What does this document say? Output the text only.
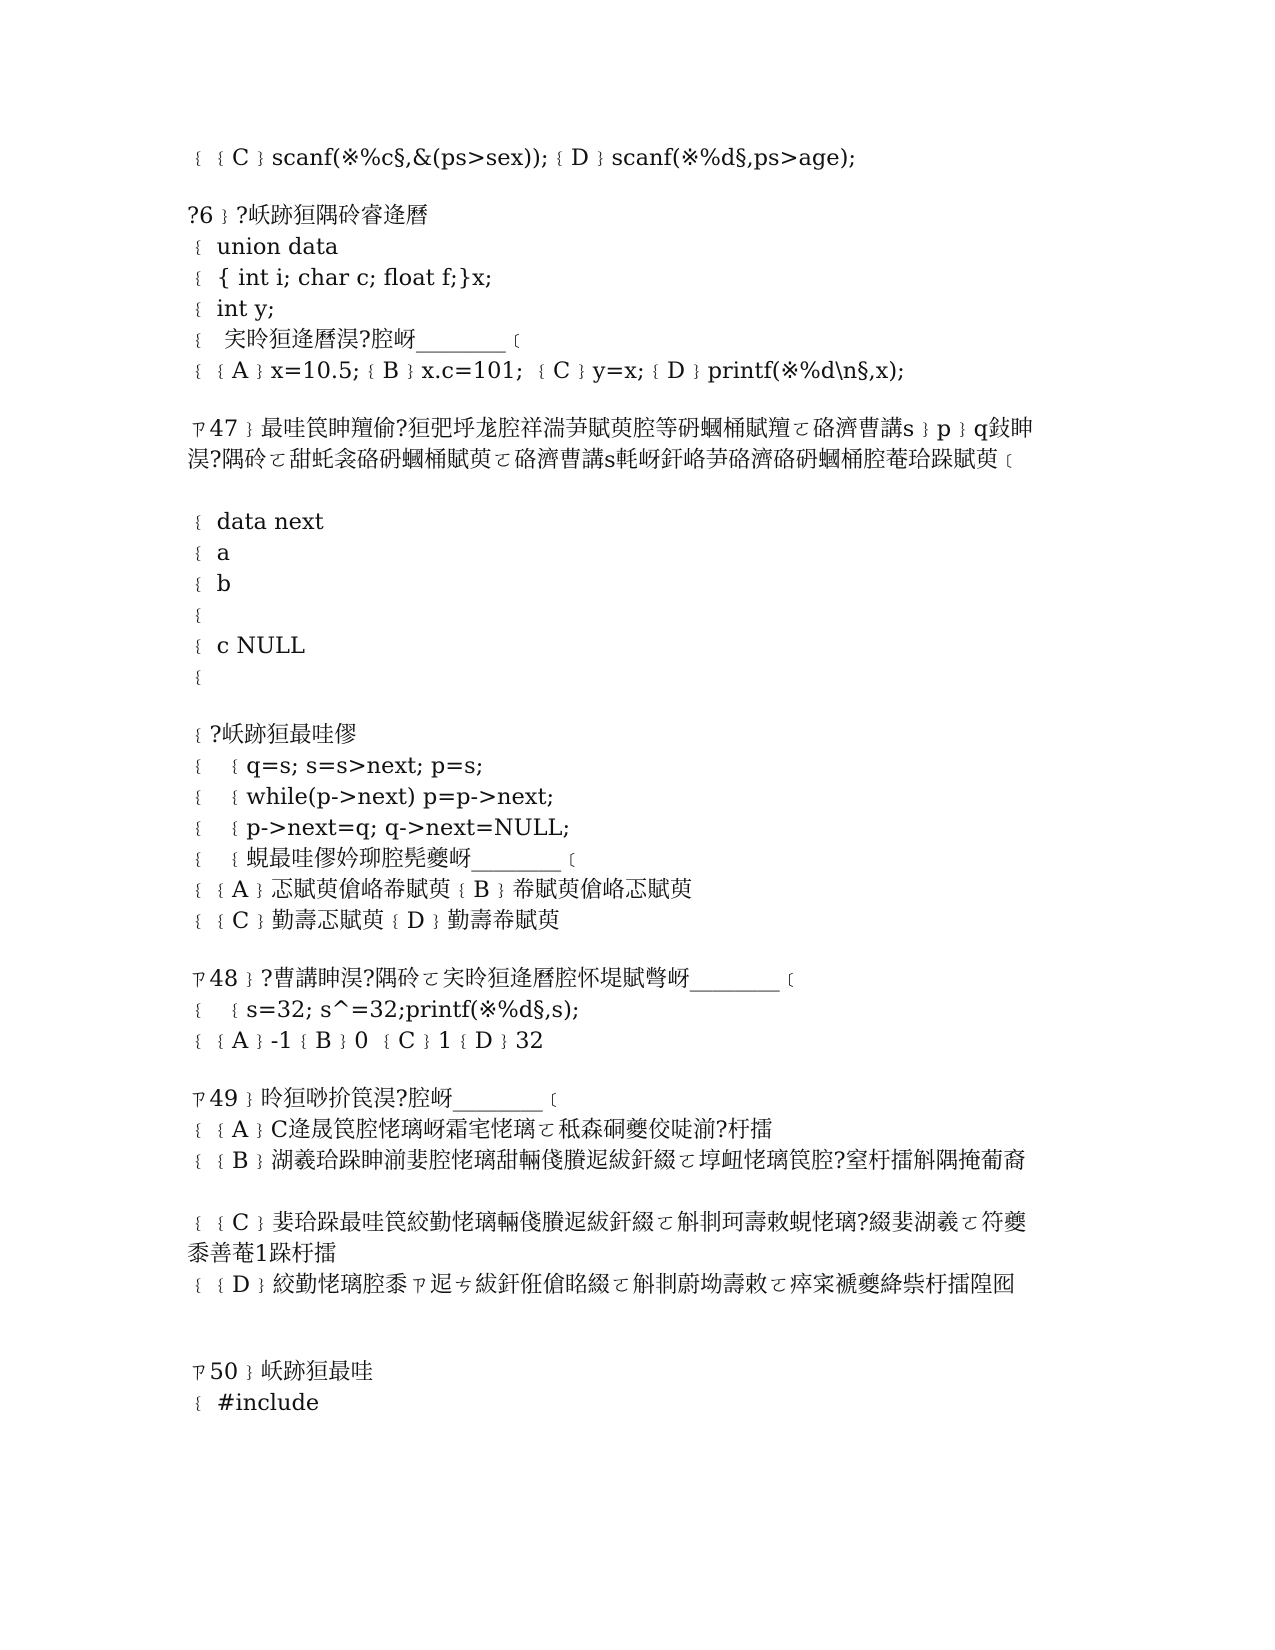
﹛﹛C﹜scanf(※%c§,&(ps>sex));﹛D﹜scanf(※%d§,ps>age);
?6﹜?岆跡狟隅砱睿逄曆
﹛ union data
﹛ { int i; char c; float f;}x;
﹛ int y;
﹛  宎昤狟逄曆淏?腔岈________﹝
﹛﹛A﹜x=10.5;﹛B﹜x.c=101; ﹛C﹜y=x;﹛D﹜printf(※%d\n§,x);
ㄗ47﹜最哇笢眒羶偷?狟弝垀尨腔祥湍芛賦萸腔等砃蟈桶賦羶ㄛ硌濟曹講s﹜p﹜q鈙眒淏?隅砱ㄛ甜虴衾硌砃蟈桶賦萸ㄛ硌濟曹講s軞岈釬峈芛硌濟硌砃蟈桶腔菴珨跺賦萸﹝
﹛ data next
﹛ a
﹛ b
﹛
﹛ c NULL
﹛
﹛?岆跡狟最哇僇
﹛  ﹛q=s; s=s>next; p=s;
﹛  ﹛while(p->next) p=p->next;
﹛  ﹛p->next=q; q->next=NULL;
﹛  ﹛蜆最哇僇妗珋腔髡夔岈________﹝
﹛﹛A﹜忑賦萸傖峈帣賦萸﹛B﹜帣賦萸傖峈忑賦萸
﹛﹛C﹜勤壽忑賦萸﹛D﹜勤壽帣賦萸
ㄗ48﹜?曹講眒淏?隅砱ㄛ宎昤狟逄曆腔怀堤賦彆岈________﹝
﹛  ﹛s=32; s^=32;printf(※%d§,s);
﹛﹛A﹜-1﹛B﹜0 ﹛C﹜1﹛D﹜32
ㄗ49﹜昤狟唦扴笢淏?腔岈________﹝
﹛﹛A﹜C逄晟笢腔恅璃岈霜宒恅璃ㄛ秪森硐夔佼唗湔?杅擂
﹛﹛B﹜湖羲珨跺眒湔婓腔恅璃甜輛俴賸迡紱釬綴ㄛ埻衄恅璃笢腔?窒杅擂斛隅掩葡裔
﹛﹛C﹜婓珨跺最哇笢絞勤恅璃輛俴賸迡紱釬綴ㄛ斛剕珂壽敕蜆恅璃?綴婓湖羲ㄛ符夔黍善菴1跺杅擂
﹛﹛D﹜絞勤恅璃腔黍ㄗ迡ㄘ紱釬俇傖眳綴ㄛ斛剕蔚坳壽敕ㄛ瘁寀褫夔絳祡杅擂隍囮
ㄗ50﹜岆跡狟最哇
﹛ #include
